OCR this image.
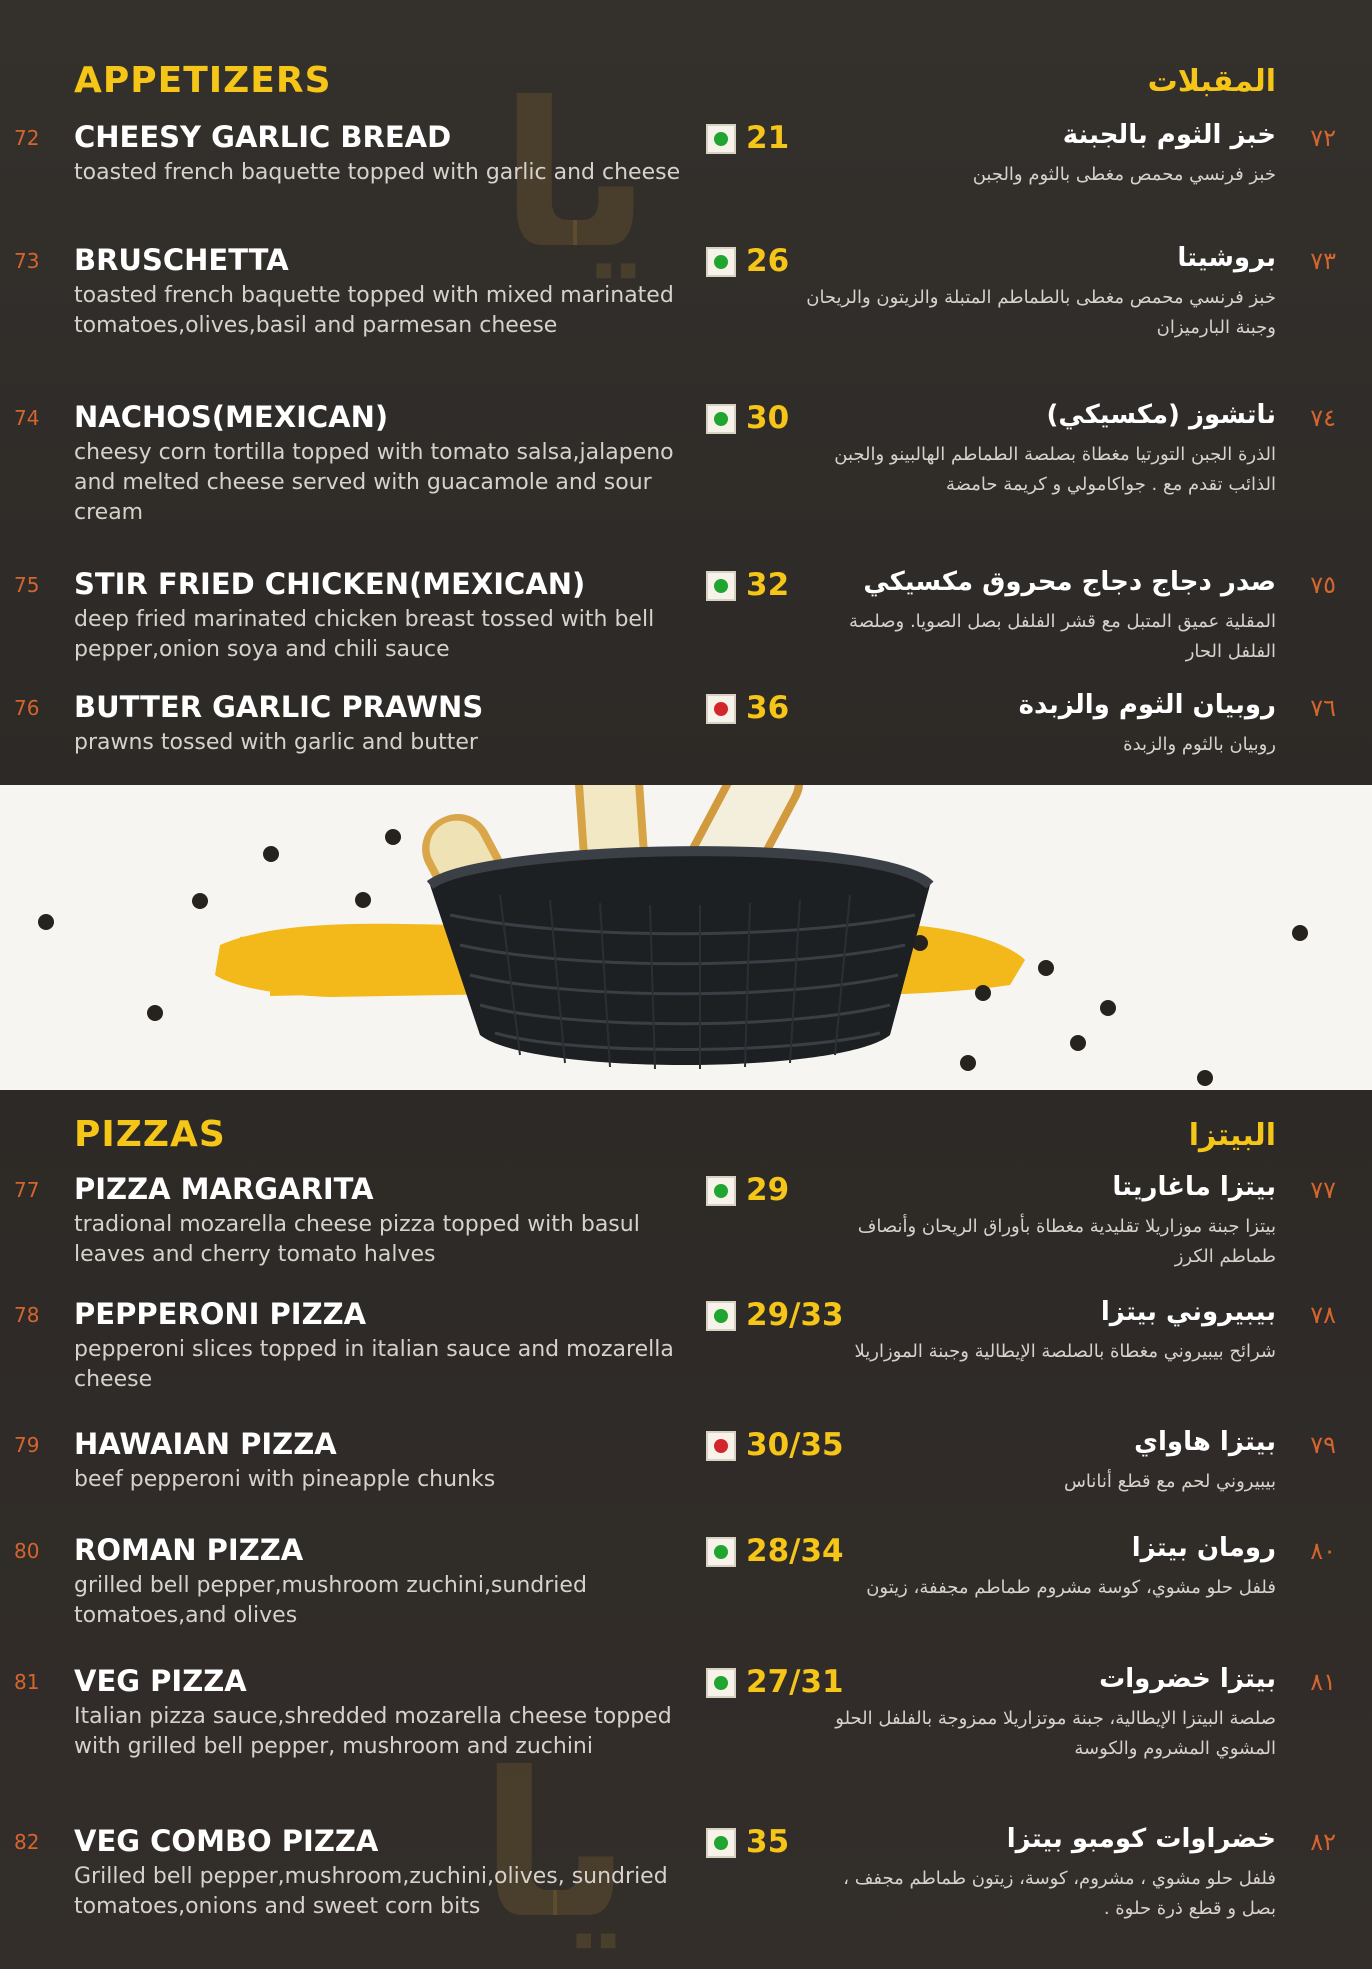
ﻳﺎ
APPETIZERS	المقبلات
72 CHEESY GARLIC BREAD
toasted french baquette topped with garlic and cheese
21	٧٢
خبز الثوم بالجبنة
خبز فرنسي محمص مغطى بالثوم والجبن
73 BRUSCHETTA
toasted french baquette topped with mixed marinated tomatoes,olives,basil and parmesan cheese
26	٧٣
بروشيتا
خبز فرنسي محمص مغطى بالطماطم المتبلة والزيتون والريحان وجبنة البارميزان
74 NACHOS(MEXICAN)
cheesy corn tortilla topped with tomato salsa,jalapeno and melted cheese served with guacamole and sour cream
30	٧٤
ناتشوز (مكسيكي)
الذرة الجبن التورتيا مغطاة بصلصة الطماطم الهالبينو والجبن الذائب تقدم مع . جواكامولي و كريمة حامضة
75 STIR FRIED CHICKEN(MEXICAN)
deep fried marinated chicken breast tossed with bell pepper,onion soya and chili sauce
32	٧٥
صدر دجاج دجاج محروق مكسيكي
المقلية عميق المتبل مع قشر الفلفل بصل الصويا. وصلصة الفلفل الحار
76 BUTTER GARLIC PRAWNS
prawns tossed with garlic and butter
36	٧٦
روبيان الثوم والزبدة
روبيان بالثوم والزبدة
ﻳﺎ
PIZZAS	البيتزا
77 PIZZA MARGARITA
tradional mozarella cheese pizza topped with basul leaves and cherry tomato halves
29	٧٧
بيتزا ماغاريتا
بيتزا جبنة موزاريلا تقليدية مغطاة بأوراق الريحان وأنصاف طماطم الكرز
78 PEPPERONI PIZZA
pepperoni slices topped in italian sauce and mozarella cheese
29/33	٧٨
بيبيروني بيتزا
شرائح بيبيروني مغطاة بالصلصة الإيطالية وجبنة الموزاريلا
79 HAWAIAN PIZZA
beef pepperoni with pineapple chunks
30/35	٧٩
بيتزا هاواي
بيبيروني لحم مع قطع أناناس
80 ROMAN PIZZA
grilled bell pepper,mushroom zuchini,sundried tomatoes,and olives
28/34	٨٠
رومان بيتزا
فلفل حلو مشوي، كوسة مشروم طماطم مجففة، زيتون
81 VEG PIZZA
Italian pizza sauce,shredded mozarella cheese topped with grilled bell pepper, mushroom and zuchini
27/31	٨١
بيتزا خضروات
صلصة البيتزا الإيطالية، جبنة موتزاريلا ممزوجة بالفلفل الحلو المشوي المشروم والكوسة
82 VEG COMBO PIZZA
Grilled bell pepper,mushroom,zuchini,olives, sundried tomatoes,onions and sweet corn bits
35	٨٢
خضراوات كومبو بيتزا
فلفل حلو مشوي ، مشروم، كوسة، زيتون طماطم مجفف ، بصل و قطع ذرة حلوة .
